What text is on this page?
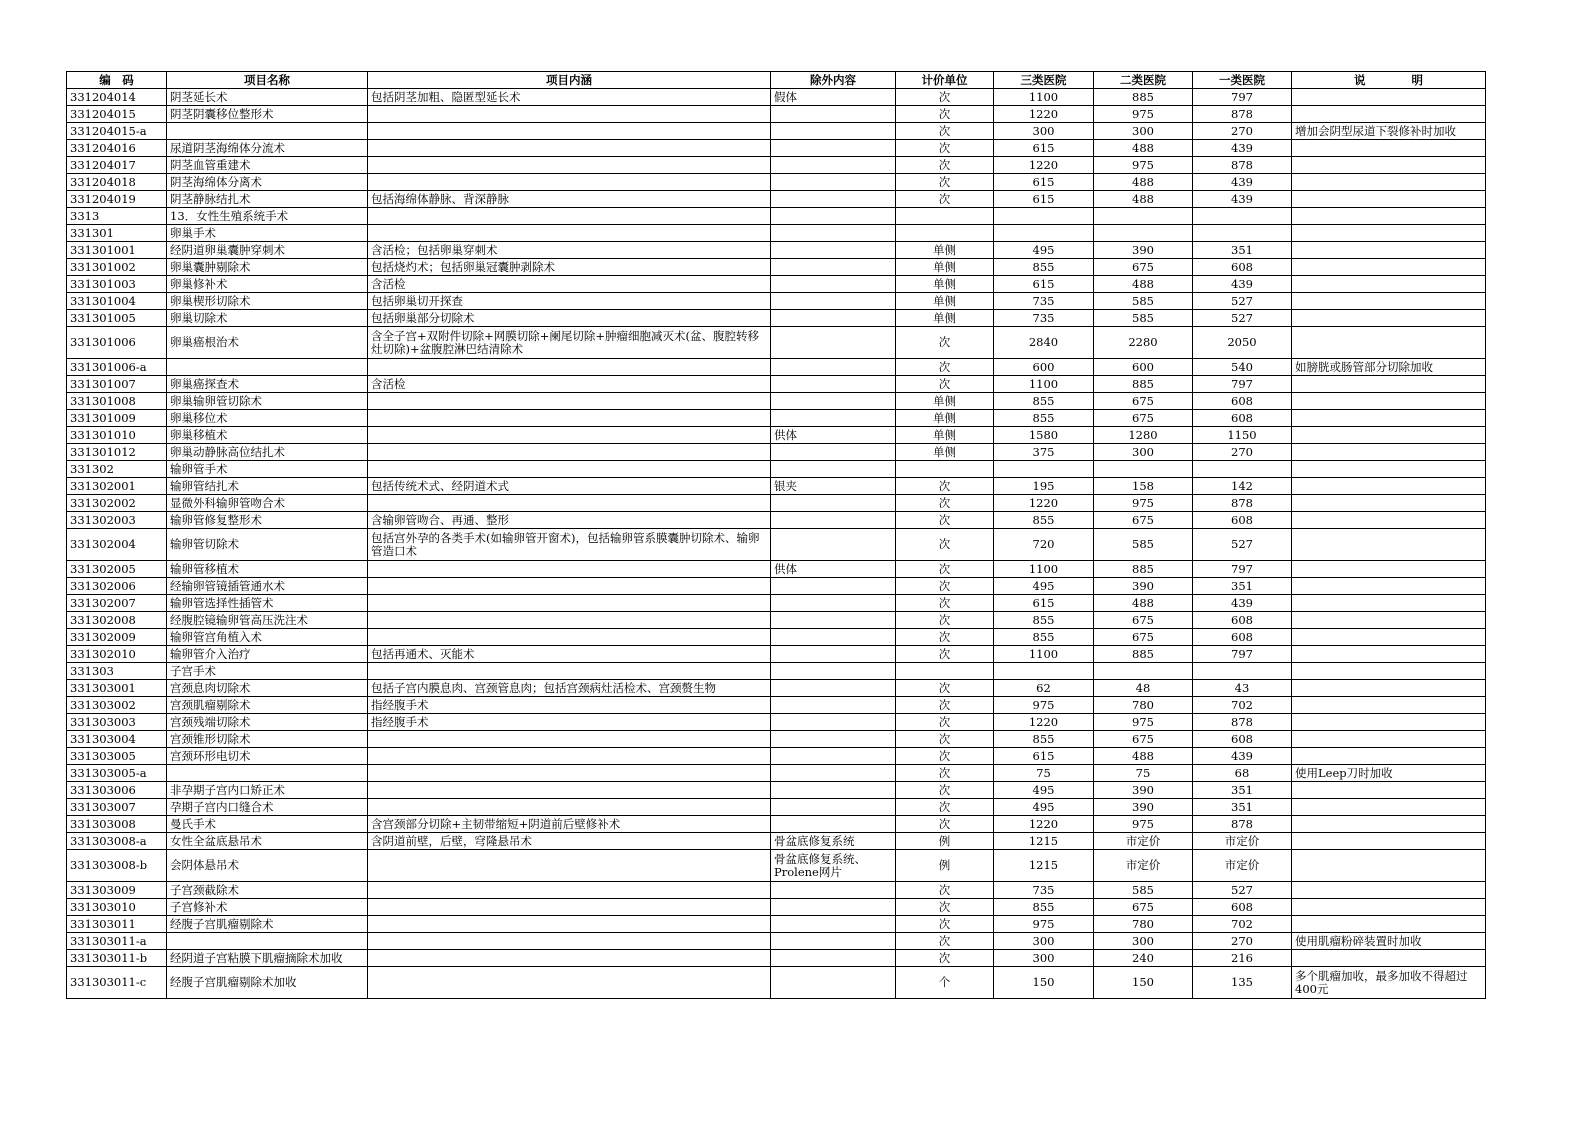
编　码	项目名称	项目内涵	除外内容	计价单位	三类医院	二类医院	一类医院	说　　　　明
331204014	阴茎延长术	包括阴茎加粗、隐匿型延长术	假体	次	1100	885	797	
331204015	阴茎阴囊移位整形术			次	1220	975	878	
331204015-a				次	300	300	270	增加会阴型尿道下裂修补时加收
331204016	尿道阴茎海绵体分流术			次	615	488	439	
331204017	阴茎血管重建术			次	1220	975	878	
331204018	阴茎海绵体分离术			次	615	488	439	
331204019	阴茎静脉结扎术	包括海绵体静脉、背深静脉		次	615	488	439	
3313	13．女性生殖系统手术							
331301	卵巢手术							
331301001	经阴道卵巢囊肿穿刺术	含活检；包括卵巢穿刺术		单侧	495	390	351	
331301002	卵巢囊肿剔除术	包括烧灼术；包括卵巢冠囊肿剥除术		单侧	855	675	608	
331301003	卵巢修补术	含活检		单侧	615	488	439	
331301004	卵巢楔形切除术	包括卵巢切开探查		单侧	735	585	527	
331301005	卵巢切除术	包括卵巢部分切除术		单侧	735	585	527	
331301006	卵巢癌根治术	含全子宫+双附件切除+网膜切除+阑尾切除+肿瘤细胞减灭术(盆、腹腔转移灶切除)+盆腹腔淋巴结清除术		次	2840	2280	2050	
331301006-a				次	600	600	540	如膀胱或肠管部分切除加收
331301007	卵巢癌探查术	含活检		次	1100	885	797	
331301008	卵巢输卵管切除术			单侧	855	675	608	
331301009	卵巢移位术			单侧	855	675	608	
331301010	卵巢移植术		供体	单侧	1580	1280	1150	
331301012	卵巢动静脉高位结扎术			单侧	375	300	270	
331302	输卵管手术							
331302001	输卵管结扎术	包括传统术式、经阴道术式	银夹	次	195	158	142	
331302002	显微外科输卵管吻合术			次	1220	975	878	
331302003	输卵管修复整形术	含输卵管吻合、再通、整形		次	855	675	608	
331302004	输卵管切除术	包括宫外孕的各类手术(如输卵管开窗术)，包括输卵管系膜囊肿切除术、输卵管造口术		次	720	585	527	
331302005	输卵管移植术		供体	次	1100	885	797	
331302006	经输卵管镜插管通水术			次	495	390	351	
331302007	输卵管选择性插管术			次	615	488	439	
331302008	经腹腔镜输卵管高压洗注术			次	855	675	608	
331302009	输卵管宫角植入术			次	855	675	608	
331302010	输卵管介入治疗	包括再通术、灭能术		次	1100	885	797	
331303	子宫手术							
331303001	宫颈息肉切除术	包括子宫内膜息肉、宫颈管息肉；包括宫颈病灶活检术、宫颈赘生物		次	62	48	43	
331303002	宫颈肌瘤剔除术	指经腹手术		次	975	780	702	
331303003	宫颈残端切除术	指经腹手术		次	1220	975	878	
331303004	宫颈锥形切除术			次	855	675	608	
331303005	宫颈环形电切术			次	615	488	439	
331303005-a				次	75	75	68	使用Leep刀时加收
331303006	非孕期子宫内口矫正术			次	495	390	351	
331303007	孕期子宫内口缝合术			次	495	390	351	
331303008	曼氏手术	含宫颈部分切除+主韧带缩短+阴道前后壁修补术		次	1220	975	878	
331303008-a	女性全盆底悬吊术	含阴道前壁，后壁，穹隆悬吊术	骨盆底修复系统	例	1215	市定价	市定价	
331303008-b	会阴体悬吊术		骨盆底修复系统、Prolene网片	例	1215	市定价	市定价	
331303009	子宫颈截除术			次	735	585	527	
331303010	子宫修补术			次	855	675	608	
331303011	经腹子宫肌瘤剔除术			次	975	780	702	
331303011-a				次	300	300	270	使用肌瘤粉碎装置时加收
331303011-b	经阴道子宫粘膜下肌瘤摘除术加收			次	300	240	216	
331303011-c	经腹子宫肌瘤剔除术加收			个	150	150	135	多个肌瘤加收，最多加收不得超过400元
